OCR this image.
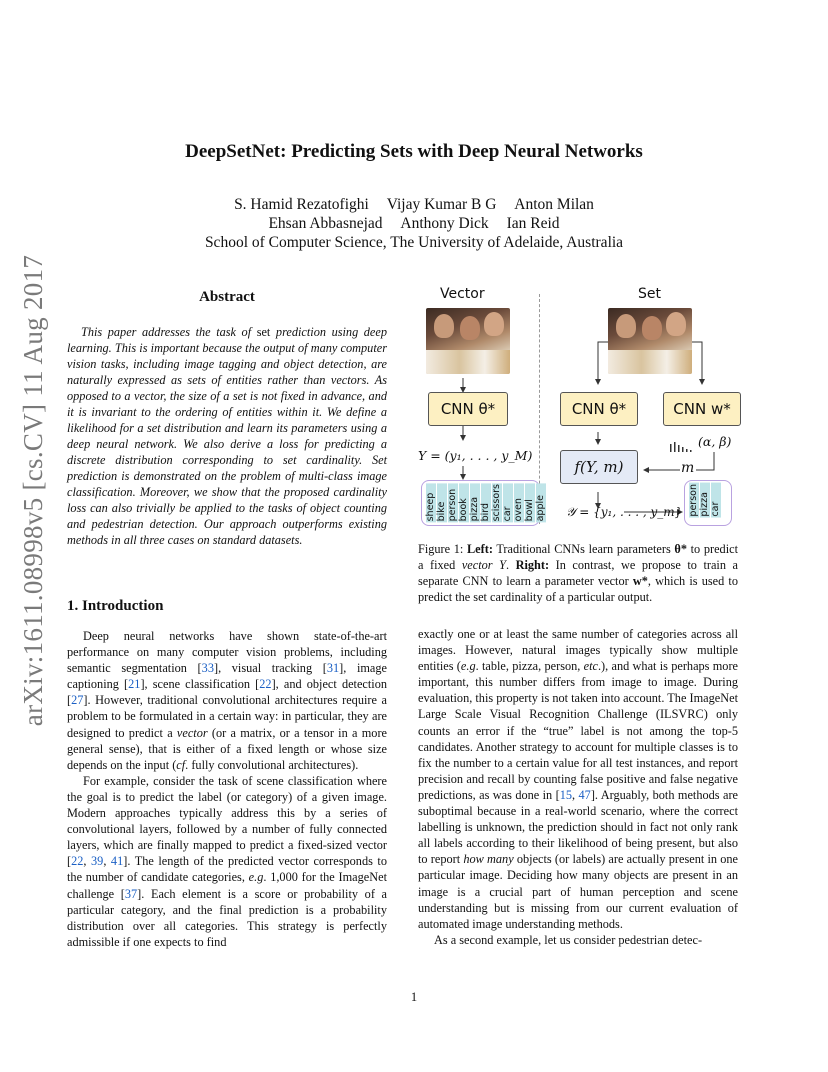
arXiv:1611.08998v5 [cs.CV] 11 Aug 2017
DeepSetNet: Predicting Sets with Deep Neural Networks
S. Hamid Rezatofighi Vijay Kumar B G Anton Milan
Ehsan Abbasnejad Anthony Dick Ian Reid
School of Computer Science, The University of Adelaide, Australia
Abstract

This paper addresses the task of set prediction using deep learning. This is important because the output of many computer vision tasks, including image tagging and object detection, are naturally expressed as sets of entities rather than vectors. As opposed to a vector, the size of a set is not fixed in advance, and it is invariant to the ordering of entities within it. We define a likelihood for a set distribution and learn its parameters using a deep neural network. We also derive a loss for predicting a discrete distribution corresponding to set cardinality. Set prediction is demonstrated on the problem of multi-class image classification. Moreover, we show that the proposed cardinality loss can also trivially be applied to the tasks of object counting and pedestrian detection. Our approach outperforms existing methods in all three cases on standard datasets.

1. Introduction

Deep neural networks have shown state-of-the-art performance on many computer vision problems, including semantic segmentation [33], visual tracking [31], image captioning [21], scene classification [22], and object detection [27]. However, traditional convolutional architectures require a problem to be formulated in a certain way: in particular, they are designed to predict a vector (or a matrix, or a tensor in a more general sense), that is either of a fixed length or whose size depends on the input (cf. fully convolutional architectures).

For example, consider the task of scene classification where the goal is to predict the label (or category) of a given image. Modern approaches typically address this by a series of convolutional layers, followed by a number of fully connected layers, which are finally mapped to predict a fixed-sized vector [22, 39, 41]. The length of the predicted vector corresponds to the number of candidate categories, e.g. 1,000 for the ImageNet challenge [37]. Each element is a score or probability of a particular category, and the final prediction is a probability distribution over all categories. This strategy is perfectly admissible if one expects to find

Vector	Set
CNN θ*
Y = (y₁, . . . , y_M)
sheep bike person book pizza bird scissors car oven bowl apple
CNN θ*	CNN w*
(α, β)
f(Y, m)	m
𝒴 = {y₁, . . . , y_m} person pizza car
Figure 1: Left: Traditional CNNs learn parameters θ* to predict a fixed vector Y. Right: In contrast, we propose to train a separate CNN to learn a parameter vector w*, which is used to predict the set cardinality of a particular output.

exactly one or at least the same number of categories across all images. However, natural images typically show multiple entities (e.g. table, pizza, person, etc.), and what is perhaps more important, this number differs from image to image. During evaluation, this property is not taken into account. The ImageNet Large Scale Visual Recognition Challenge (ILSVRC) only counts an error if the “true” label is not among the top-5 candidates. Another strategy to account for multiple classes is to fix the number to a certain value for all test instances, and report precision and recall by counting false positive and false negative predictions, as was done in [15, 47]. Arguably, both methods are suboptimal because in a real-world scenario, where the correct labelling is unknown, the prediction should in fact not only rank all labels according to their likelihood of being present, but also to report how many objects (or labels) are actually present in one particular image. Deciding how many objects are present in an image is a crucial part of human perception and scene understanding but is missing from our current evaluation of automated image understanding methods.

As a second example, let us consider pedestrian detec-

1
